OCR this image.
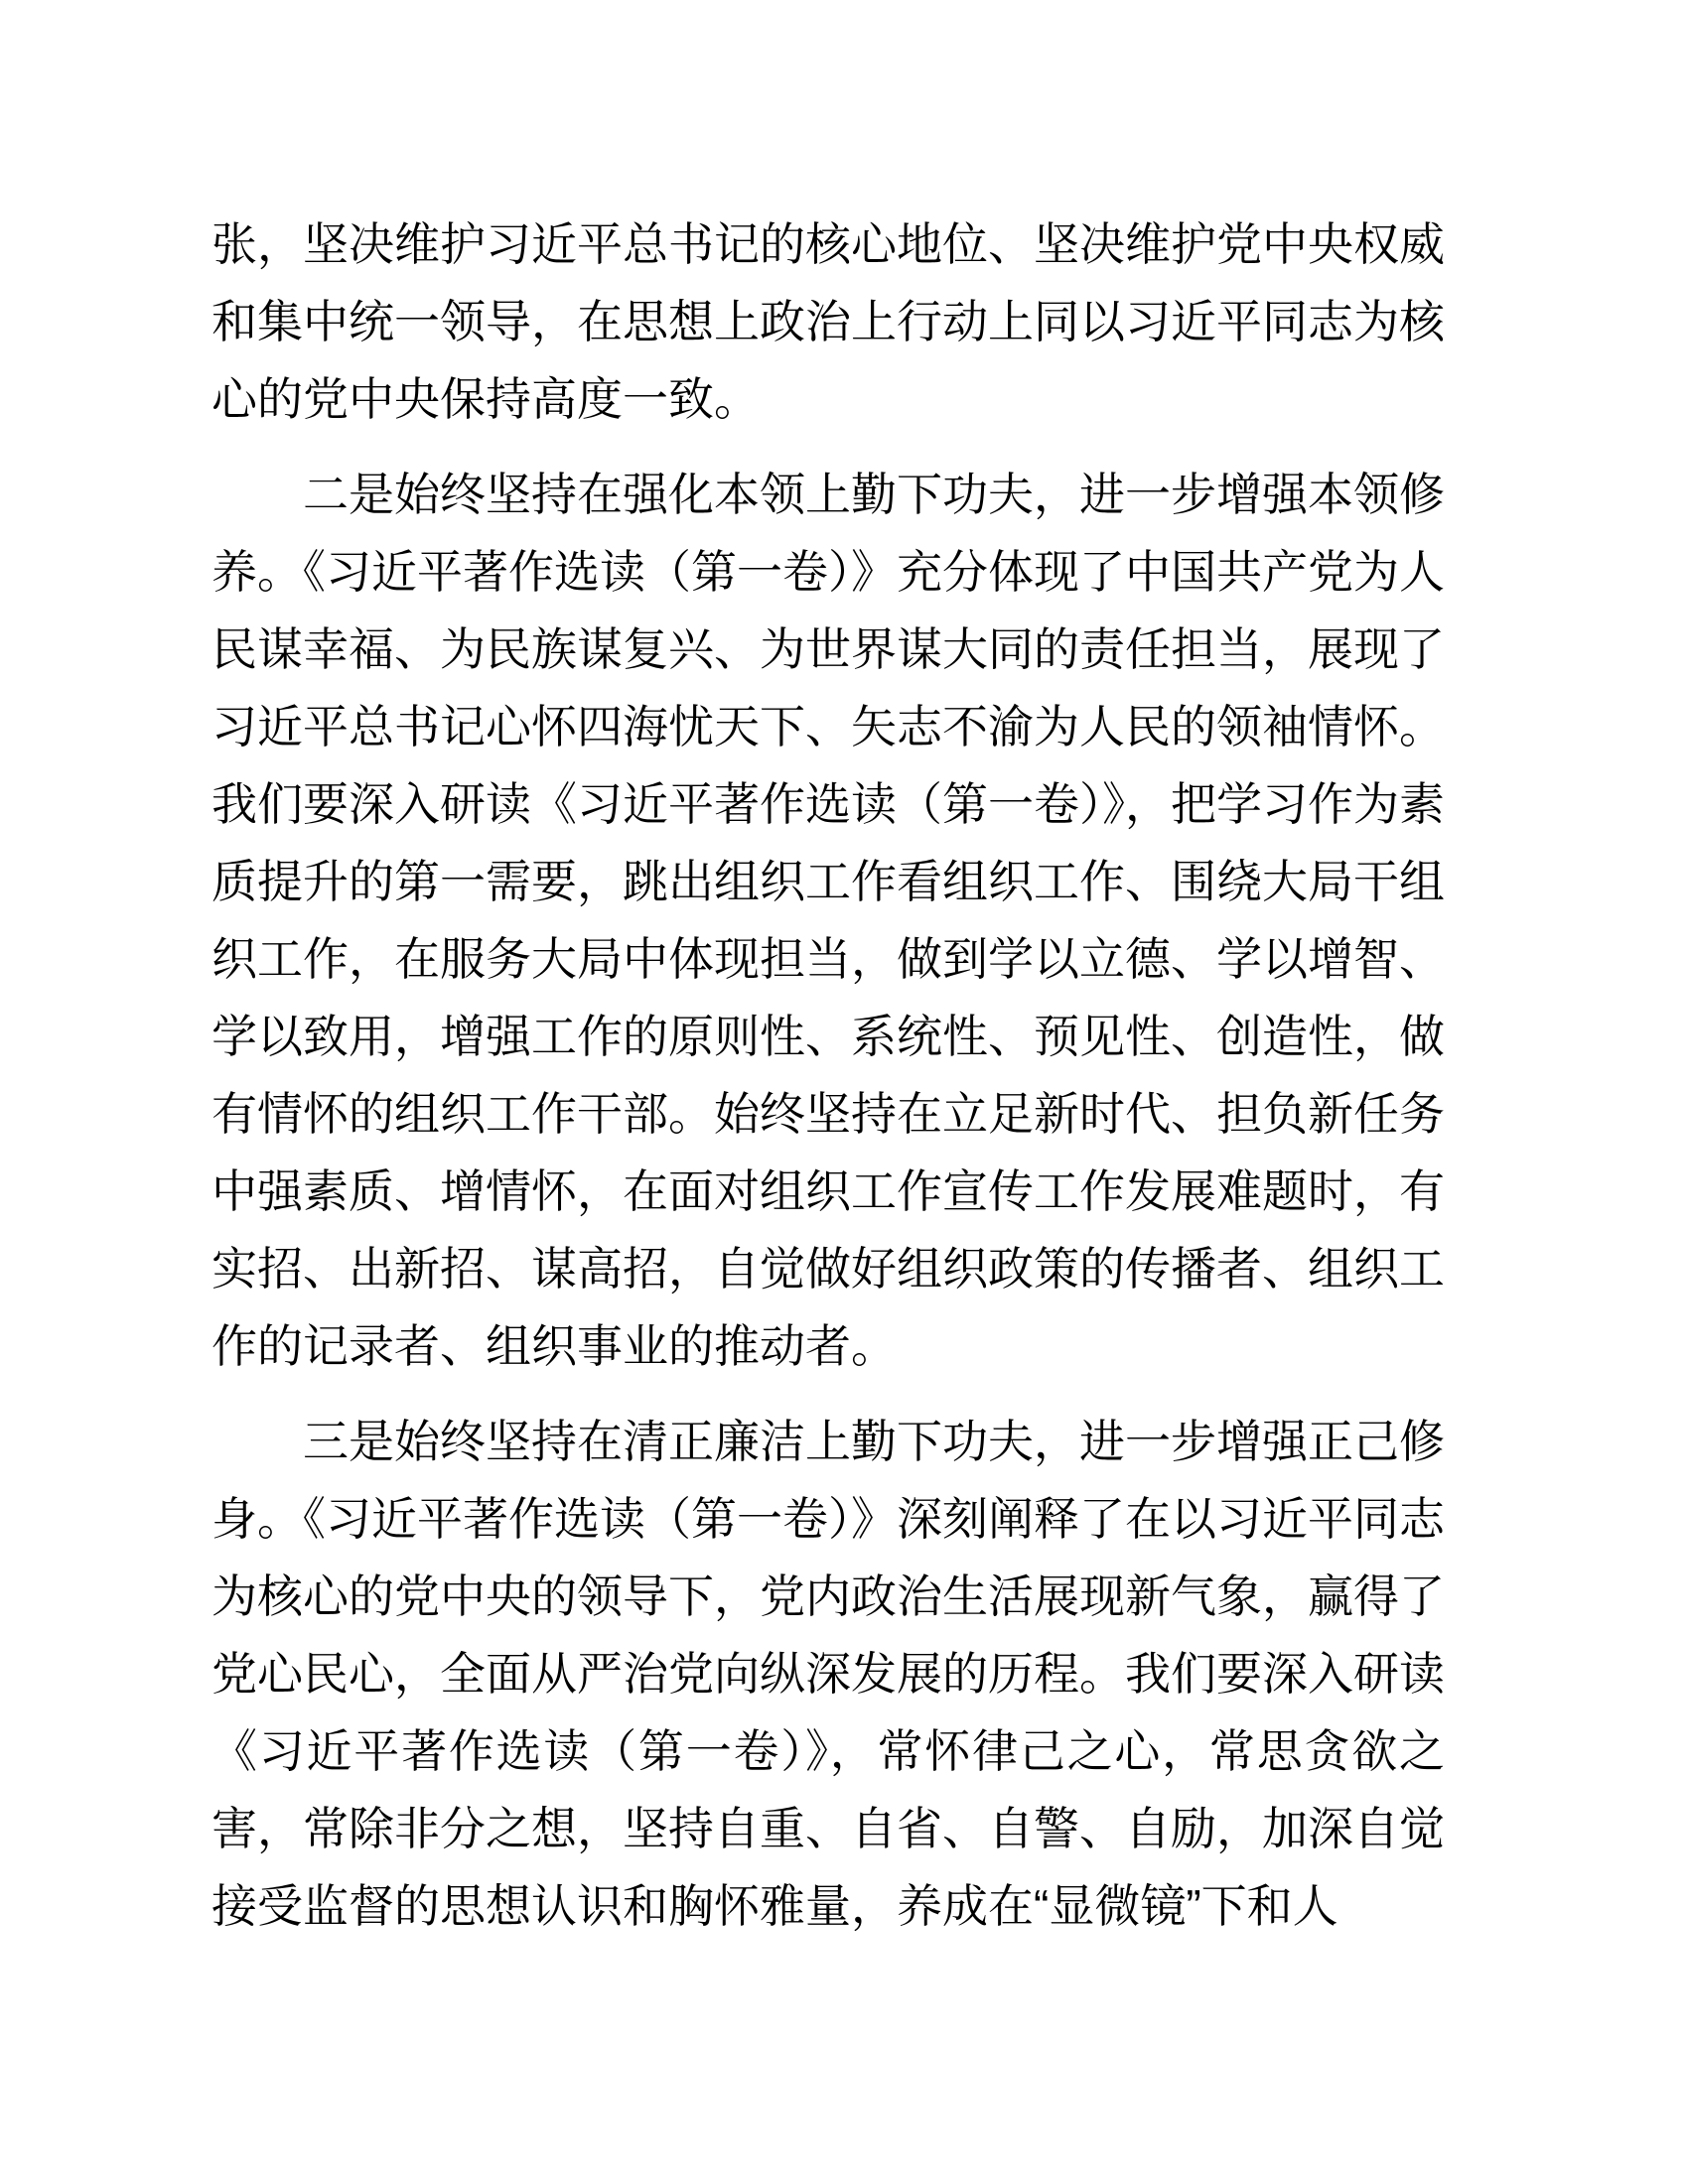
张，坚决维护习近平总书记的核心地位、坚决维护党中央权威和集中统一领导，在思想上政治上行动上同以习近平同志为核心的党中央保持高度一致。

二是始终坚持在强化本领上勤下功夫，进一步增强本领修养。《习近平著作选读（第一卷）》充分体现了中国共产党为人民谋幸福、为民族谋复兴、为世界谋大同的责任担当，展现了习近平总书记心怀四海忧天下、矢志不渝为人民的领袖情怀。我们要深入研读《习近平著作选读（第一卷）》，把学习作为素质提升的第一需要，跳出组织工作看组织工作、围绕大局干组织工作，在服务大局中体现担当，做到学以立德、学以增智、学以致用，增强工作的原则性、系统性、预见性、创造性，做有情怀的组织工作干部。始终坚持在立足新时代、担负新任务中强素质、增情怀，在面对组织工作宣传工作发展难题时，有实招、出新招、谋高招，自觉做好组织政策的传播者、组织工作的记录者、组织事业的推动者。

三是始终坚持在清正廉洁上勤下功夫，进一步增强正己修身。《习近平著作选读（第一卷）》深刻阐释了在以习近平同志为核心的党中央的领导下，党内政治生活展现新气象，赢得了党心民心，全面从严治党向纵深发展的历程。我们要深入研读《习近平著作选读（第一卷）》，常怀律己之心，常思贪欲之害，常除非分之想，坚持自重、自省、自警、自励，加深自觉接受监督的思想认识和胸怀雅量，养成在“显微镜”下和人
